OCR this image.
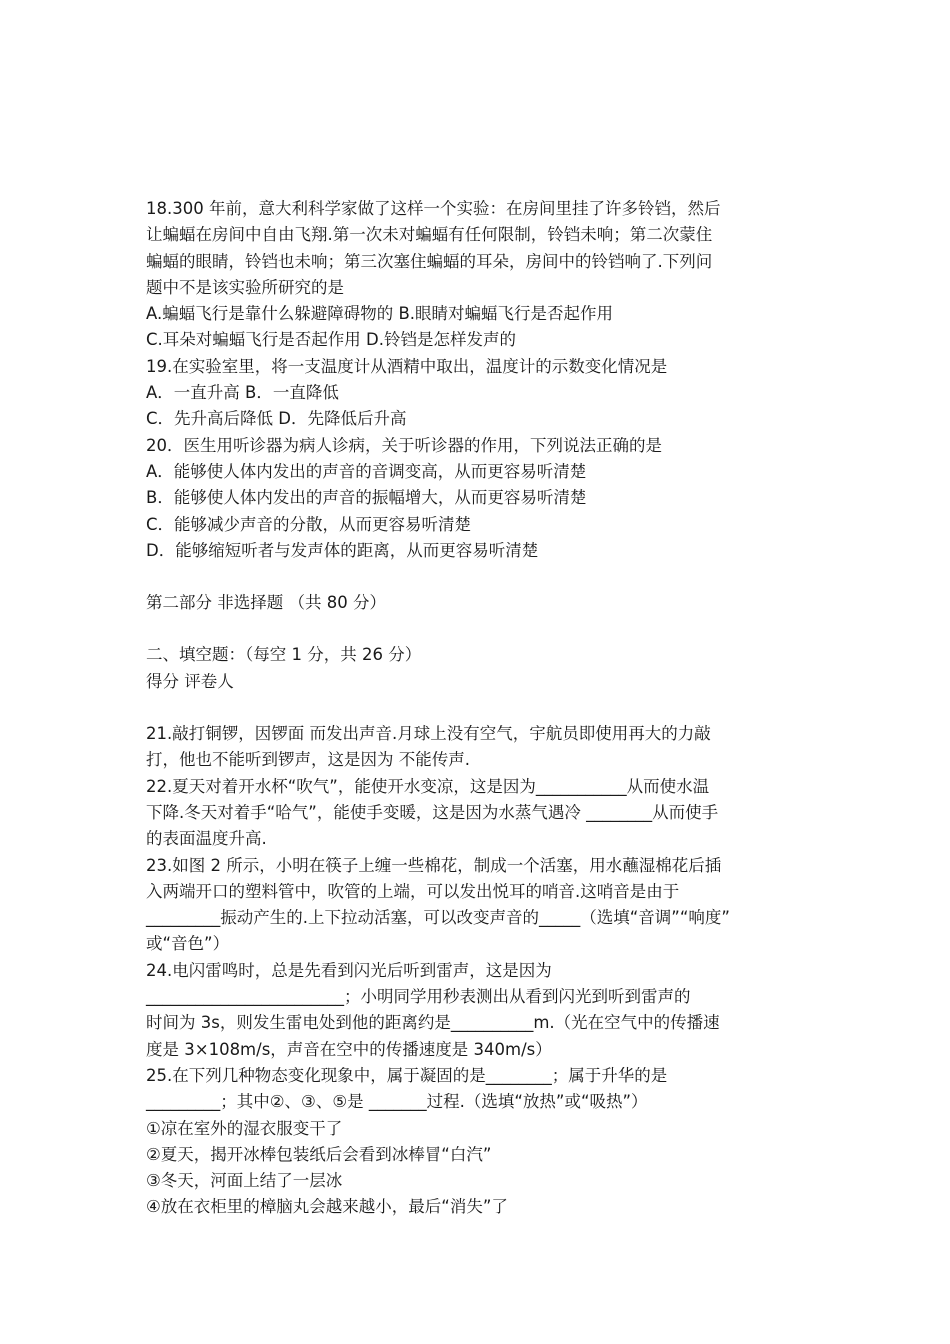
18.300 年前，意大利科学家做了这样一个实验：在房间里挂了许多铃铛，然后
让蝙蝠在房间中自由飞翔.第一次未对蝙蝠有任何限制，铃铛未响；第二次蒙住
蝙蝠的眼睛，铃铛也未响；第三次塞住蝙蝠的耳朵，房间中的铃铛响了.下列问
题中不是该实验所研究的是
A.蝙蝠飞行是靠什么躲避障碍物的 B.眼睛对蝙蝠飞行是否起作用
C.耳朵对蝙蝠飞行是否起作用 D.铃铛是怎样发声的
19.在实验室里，将一支温度计从酒精中取出，温度计的示数变化情况是
A．一直升高 B．一直降低
C．先升高后降低 D．先降低后升高
20．医生用听诊器为病人诊病，关于听诊器的作用，下列说法正确的是
A．能够使人体内发出的声音的音调变高，从而更容易听清楚
B．能够使人体内发出的声音的振幅增大，从而更容易听清楚
C．能够减少声音的分散，从而更容易听清楚
D．能够缩短听者与发声体的距离，从而更容易听清楚
第二部分 非选择题 （共 80 分）
二、填空题：（每空 1 分，共 26 分）
得分 评卷人
21.敲打铜锣，因锣面 而发出声音.月球上没有空气，宇航员即使用再大的力敲
打，他也不能听到锣声，这是因为 不能传声.
22.夏天对着开水杯“吹气”，能使开水变凉，这是因为___________从而使水温
下降.冬天对着手“哈气”，能使手变暖，这是因为水蒸气遇冷 ________从而使手
的表面温度升高.
23.如图 2 所示，小明在筷子上缠一些棉花，制成一个活塞，用水蘸湿棉花后插
入两端开口的塑料管中，吹管的上端，可以发出悦耳的哨音.这哨音是由于
_________振动产生的.上下拉动活塞，可以改变声音的_____（选填“音调”“响度”
或“音色”）
24.电闪雷鸣时，总是先看到闪光后听到雷声，这是因为
________________________；小明同学用秒表测出从看到闪光到听到雷声的
时间为 3s，则发生雷电处到他的距离约是__________m.（光在空气中的传播速
度是 3×108m/s，声音在空中的传播速度是 340m/s）
25.在下列几种物态变化现象中，属于凝固的是________；属于升华的是
_________；其中②、③、⑤是 _______过程.（选填“放热”或“吸热”）
①凉在室外的湿衣服变干了
②夏天，揭开冰棒包装纸后会看到冰棒冒“白汽”
③冬天，河面上结了一层冰
④放在衣柜里的樟脑丸会越来越小，最后“消失”了
